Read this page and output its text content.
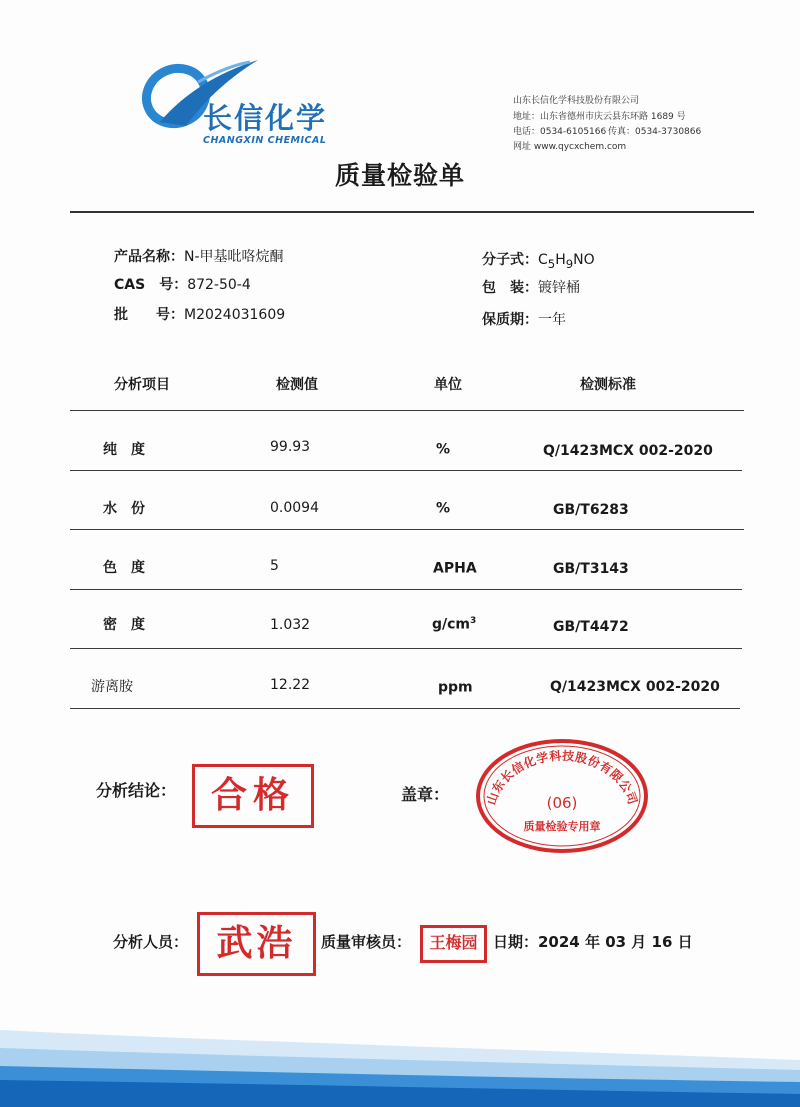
长信化学
CHANGXIN CHEMICAL
山东长信化学科技股份有限公司
地址：山东省德州市庆云县东环路 1689 号
电话：0534-6105166 传真：0534-3730866
网址 www.qycxchem.com
质量检验单
产品名称：N-甲基吡咯烷酮
CAS　号：872-50-4
批　　号：M2024031609
分子式：$C_5H_9NO$
包　装：镀锌桶
保质期：一年
分析项目	检测值	单位	检测标准
纯　度	99.93	%	Q/1423MCX 002-2020
水　份	0.0094	%	GB/T6283
色　度	5	APHA	GB/T3143
密　度	1.032	$g/cm^3$	GB/T4472
游离胺	12.22	ppm	Q/1423MCX 002-2020
分析结论： 合格	盖章：	山东长信化学科技股份有限公司
(06)
质量检验专用章
分析人员： 武浩	质量审核员：	王梅园	日期：2024 年 03 月 16 日
